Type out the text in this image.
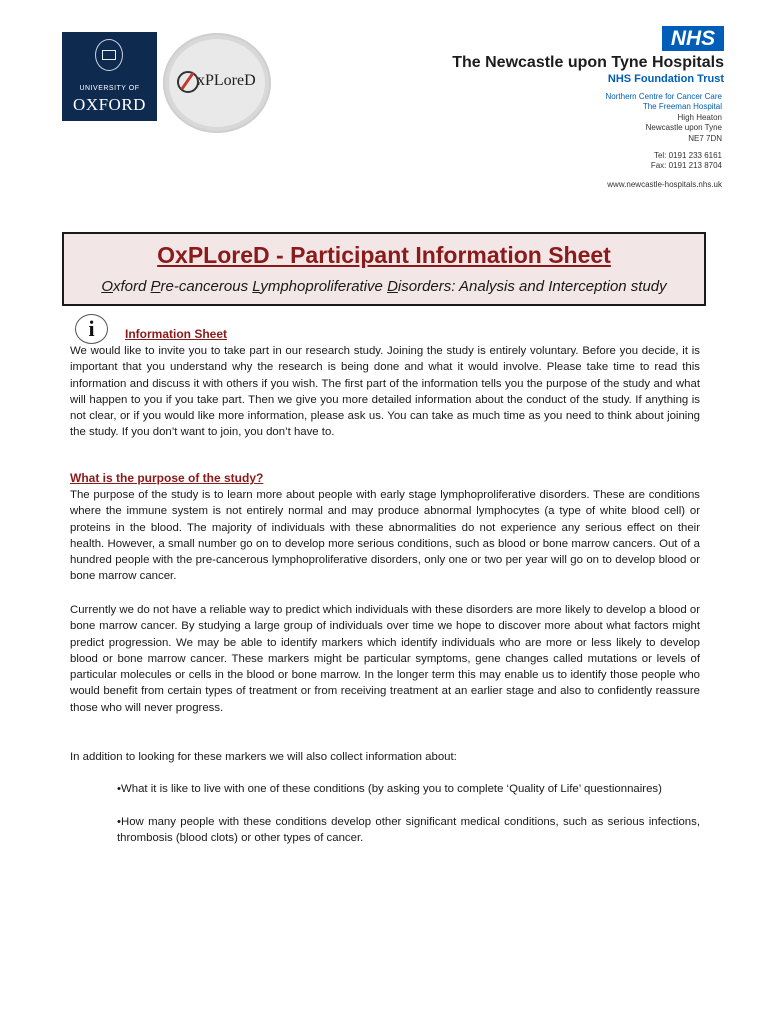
UNIVERSITY OF
OXFORD
xPLoreD
NHS
The Newcastle upon Tyne Hospitals
NHS Foundation Trust
Northern Centre for Cancer Care
The Freeman Hospital
High Heaton
Newcastle upon Tyne
NE7 7DN
Tel: 0191 233 6161
Fax: 0191 213 8704
www.newcastle-hospitals.nhs.uk
OxPLoreD - Participant Information Sheet
Oxford Pre-cancerous Lymphoproliferative Disorders: Analysis and Interception study
i	Information Sheet

We would like to invite you to take part in our research study. Joining the study is entirely voluntary. Before you decide, it is important that you understand why the research is being done and what it would involve. Please take time to read this information and discuss it with others if you wish. The first part of the information tells you the purpose of the study and what will happen to you if you take part. Then we give you more detailed information about the conduct of the study. If anything is not clear, or if you would like more information, please ask us. You can take as much time as you need to think about joining the study. If you don’t want to join, you don’t have to.

What is the purpose of the study?

The purpose of the study is to learn more about people with early stage lymphoproliferative disorders. These are conditions where the immune system is not entirely normal and may produce abnormal lymphocytes (a type of white blood cell) or proteins in the blood. The majority of individuals with these abnormalities do not experience any serious effect on their health. However, a small number go on to develop more serious conditions, such as blood or bone marrow cancers. Out of a hundred people with the pre-cancerous lymphoproliferative disorders, only one or two per year will go on to develop blood or bone marrow cancer.

Currently we do not have a reliable way to predict which individuals with these disorders are more likely to develop a blood or bone marrow cancer. By studying a large group of individuals over time we hope to discover more about what factors might predict progression. We may be able to identify markers which identify individuals who are more or less likely to develop blood or bone marrow cancer. These markers might be particular symptoms, gene changes called mutations or levels of particular molecules or cells in the blood or bone marrow. In the longer term this may enable us to identify those people who would benefit from certain types of treatment or from receiving treatment at an earlier stage and also to confidently reassure those who will never progress.

In addition to looking for these markers we will also collect information about:

•What it is like to live with one of these conditions (by asking you to complete ‘Quality of Life’ questionnaires)

•How many people with these conditions develop other significant medical conditions, such as serious infections, thrombosis (blood clots) or other types of cancer.
